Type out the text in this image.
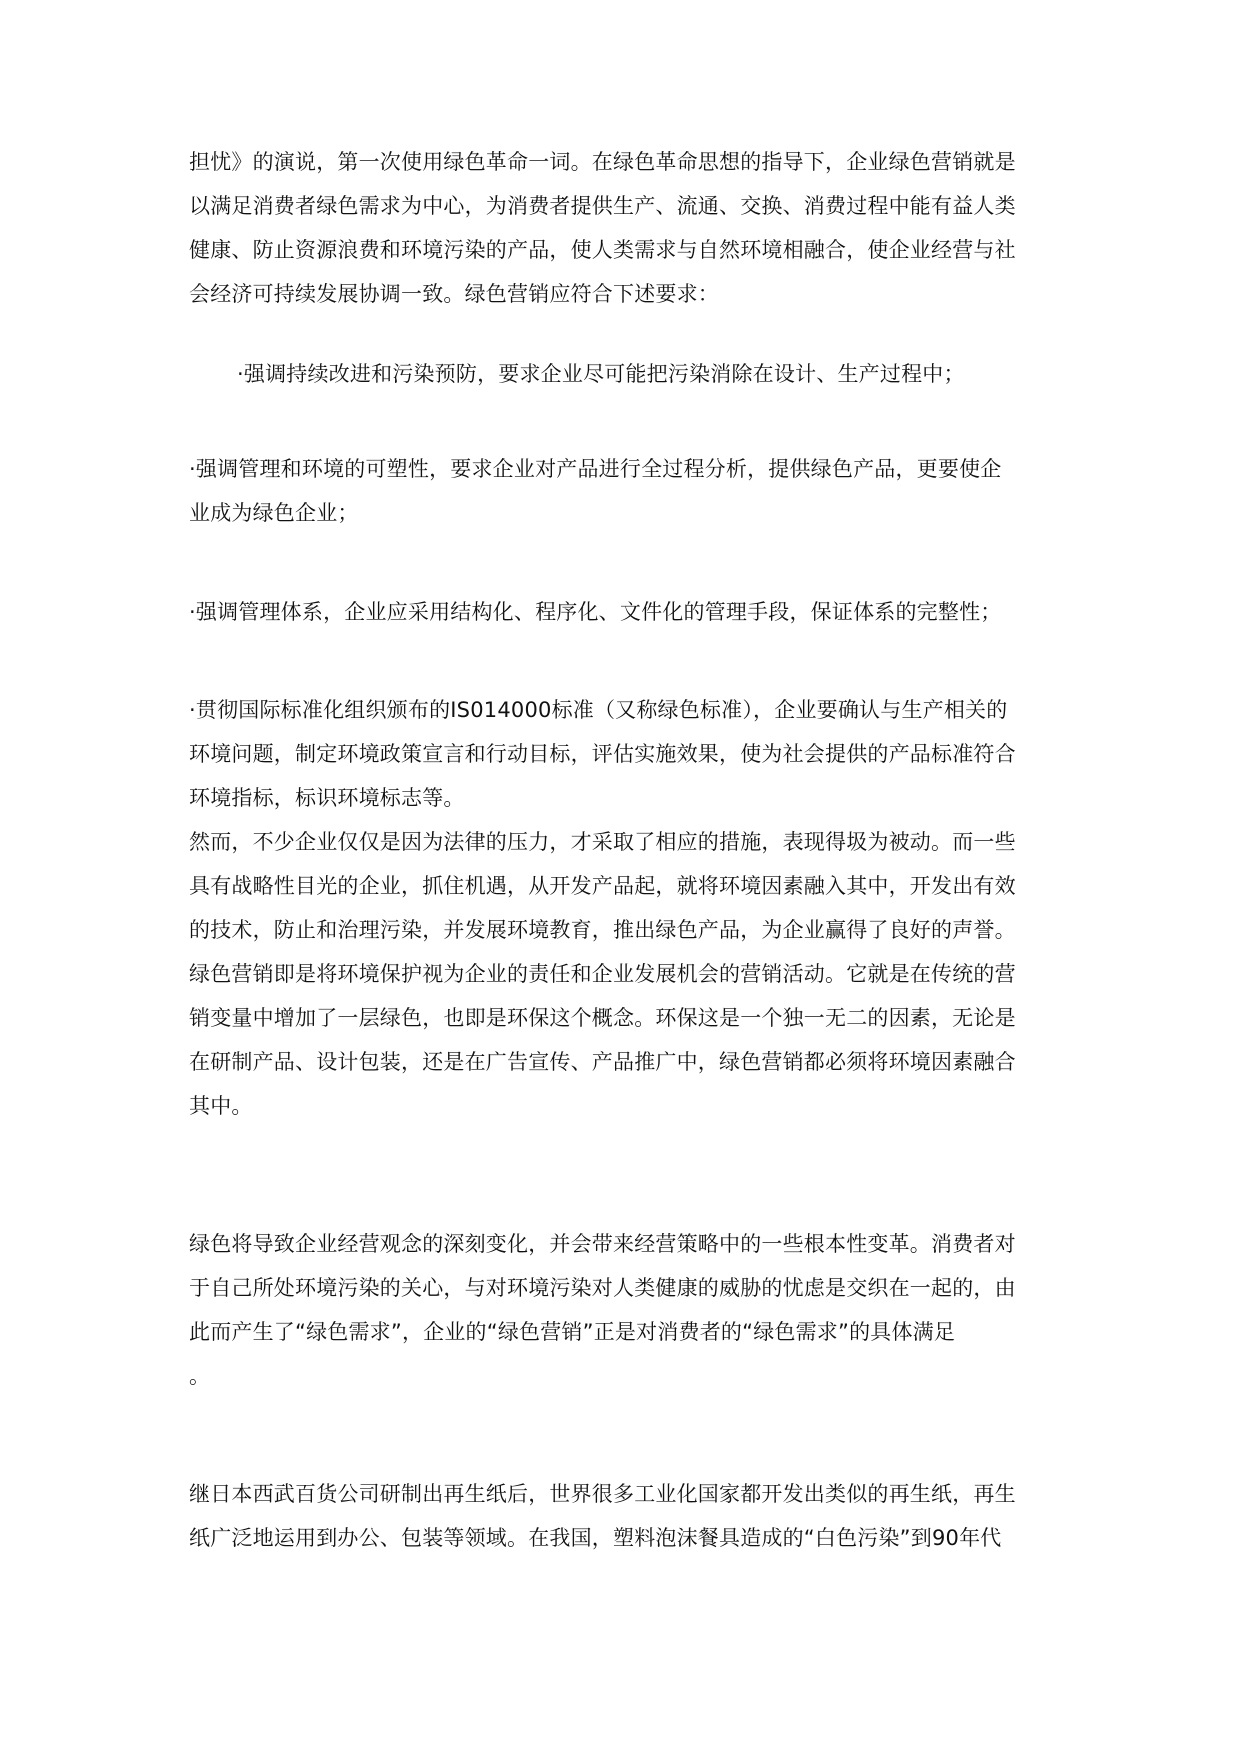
担忧》的演说，第一次使用绿色革命一词。在绿色革命思想的指导下，企业绿色营销就是
以满足消费者绿色需求为中心，为消费者提供生产、流通、交换、消费过程中能有益人类
健康、防止资源浪费和环境污染的产品，使人类需求与自然环境相融合，使企业经营与社
会经济可持续发展协调一致。绿色营销应符合下述要求：
·强调持续改进和污染预防，要求企业尽可能把污染消除在设计、生产过程中；
·强调管理和环境的可塑性，要求企业对产品进行全过程分析，提供绿色产品，更要使企
业成为绿色企业；
·强调管理体系，企业应采用结构化、程序化、文件化的管理手段，保证体系的完整性；
·贯彻国际标准化组织颁布的IS014000标准（又称绿色标准），企业要确认与生产相关的
环境问题，制定环境政策宣言和行动目标，评估实施效果，使为社会提供的产品标准符合
环境指标，标识环境标志等。
然而，不少企业仅仅是因为法律的压力，才采取了相应的措施，表现得圾为被动。而一些
具有战略性目光的企业，抓住机遇，从开发产品起，就将环境因素融入其中，开发出有效
的技术，防止和治理污染，并发展环境教育，推出绿色产品，为企业赢得了良好的声誉。
绿色营销即是将环境保护视为企业的责任和企业发展机会的营销活动。它就是在传统的营
销变量中增加了一层绿色，也即是环保这个概念。环保这是一个独一无二的因素，无论是
在研制产品、设计包装，还是在广告宣传、产品推广中，绿色营销都必须将环境因素融合
其中。
绿色将导致企业经营观念的深刻变化，并会带来经营策略中的一些根本性变革。消费者对
于自己所处环境污染的关心，与对环境污染对人类健康的威胁的忧虑是交织在一起的，由
此而产生了“绿色需求”，企业的“绿色营销”正是对消费者的“绿色需求”的具体满足
。
继日本西武百货公司研制出再生纸后，世界很多工业化国家都开发出类似的再生纸，再生
纸广泛地运用到办公、包装等领域。在我国，塑料泡沫餐具造成的“白色污染”到90年代
